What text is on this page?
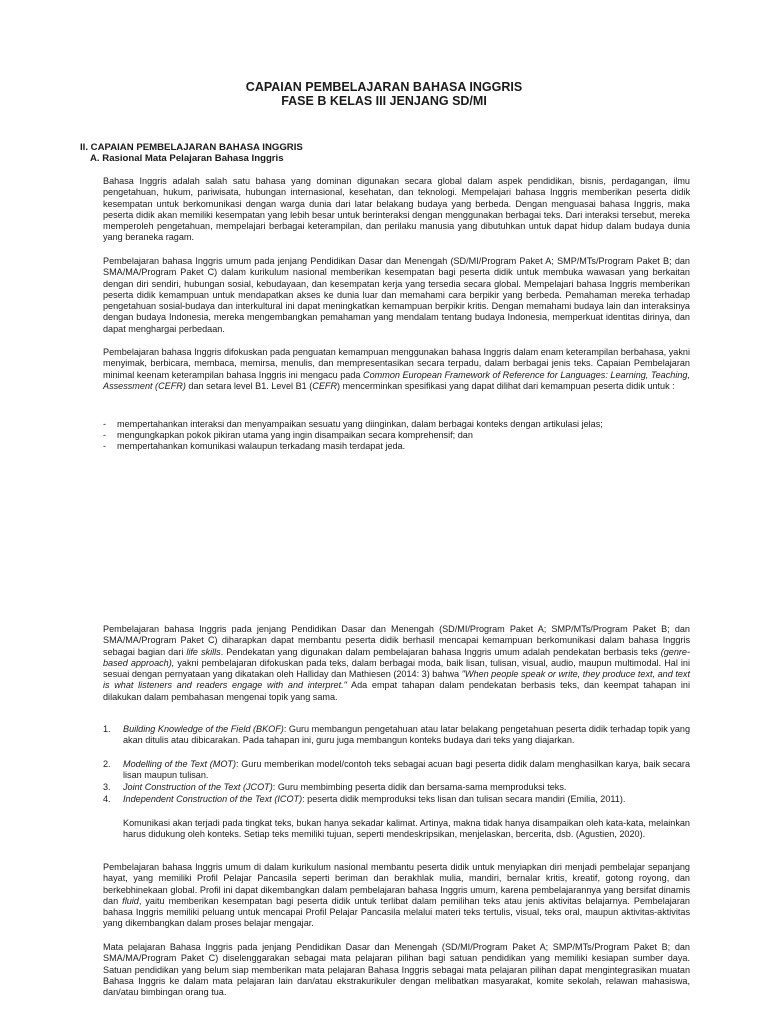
CAPAIAN PEMBELAJARAN BAHASA INGGRIS
FASE B KELAS III JENJANG SD/MI
II. CAPAIAN PEMBELAJARAN BAHASA INGGRIS
A. Rasional Mata Pelajaran Bahasa Inggris

Bahasa Inggris adalah salah satu bahasa yang dominan digunakan secara global dalam aspek pendidikan, bisnis, perdagangan, ilmu pengetahuan, hukum, pariwisata, hubungan internasional, kesehatan, dan teknologi. Mempelajari bahasa Inggris memberikan peserta didik kesempatan untuk berkomunikasi dengan warga dunia dari latar belakang budaya yang berbeda. Dengan menguasai bahasa Inggris, maka peserta didik akan memiliki kesempatan yang lebih besar untuk berinteraksi dengan menggunakan berbagai teks. Dari interaksi tersebut, mereka memperoleh pengetahuan, mempelajari berbagai keterampilan, dan perilaku manusia yang dibutuhkan untuk dapat hidup dalam budaya dunia yang beraneka ragam.

Pembelajaran bahasa Inggris umum pada jenjang Pendidikan Dasar dan Menengah (SD/MI/Program Paket A; SMP/MTs/Program Paket B; dan SMA/MA/Program Paket C) dalam kurikulum nasional memberikan kesempatan bagi peserta didik untuk membuka wawasan yang berkaitan dengan diri sendiri, hubungan sosial, kebudayaan, dan kesempatan kerja yang tersedia secara global. Mempelajari bahasa Inggris memberikan peserta didik kemampuan untuk mendapatkan akses ke dunia luar dan memahami cara berpikir yang berbeda. Pemahaman mereka terhadap pengetahuan sosial-budaya dan interkultural ini dapat meningkatkan kemampuan berpikir kritis. Dengan memahami budaya lain dan interaksinya dengan budaya Indonesia, mereka mengembangkan pemahaman yang mendalam tentang budaya Indonesia, memperkuat identitas dirinya, dan dapat menghargai perbedaan.

Pembelajaran bahasa Inggris difokuskan pada penguatan kemampuan menggunakan bahasa Inggris dalam enam keterampilan berbahasa, yakni menyimak, berbicara, membaca, memirsa, menulis, dan mempresentasikan secara terpadu, dalam berbagai jenis teks. Capaian Pembelajaran minimal keenam keterampilan bahasa Inggris ini mengacu pada Common European Framework of Reference for Languages: Learning, Teaching, Assessment (CEFR) dan setara level B1. Level B1 (CEFR) mencerminkan spesifikasi yang dapat dilihat dari kemampuan peserta didik untuk :

- mempertahankan interaksi dan menyampaikan sesuatu yang diinginkan, dalam berbagai konteks dengan artikulasi jelas;
- mengungkapkan pokok pikiran utama yang ingin disampaikan secara komprehensif; dan
- mempertahankan komunikasi walaupun terkadang masih terdapat jeda.

Pembelajaran bahasa Inggris pada jenjang Pendidikan Dasar dan Menengah (SD/MI/Program Paket A; SMP/MTs/Program Paket B; dan SMA/MA/Program Paket C) diharapkan dapat membantu peserta didik berhasil mencapai kemampuan berkomunikasi dalam bahasa Inggris sebagai bagian dari life skills. Pendekatan yang digunakan dalam pembelajaran bahasa Inggris umum adalah pendekatan berbasis teks (genre-based approach), yakni pembelajaran difokuskan pada teks, dalam berbagai moda, baik lisan, tulisan, visual, audio, maupun multimodal. Hal ini sesuai dengan pernyataan yang dikatakan oleh Halliday dan Mathiesen (2014: 3) bahwa "When people speak or write, they produce text, and text is what listeners and readers engage with and interpret." Ada empat tahapan dalam pendekatan berbasis teks, dan keempat tahapan ini dilakukan dalam pembahasan mengenai topik yang sama.

1. Building Knowledge of the Field (BKOF): Guru membangun pengetahuan atau latar belakang pengetahuan peserta didik terhadap topik yang akan ditulis atau dibicarakan. Pada tahapan ini, guru juga membangun konteks budaya dari teks yang diajarkan.
2. Modelling of the Text (MOT): Guru memberikan model/contoh teks sebagai acuan bagi peserta didik dalam menghasilkan karya, baik secara lisan maupun tulisan.
3. Joint Construction of the Text (JCOT): Guru membimbing peserta didik dan bersama-sama memproduksi teks.
4. Independent Construction of the Text (ICOT): peserta didik memproduksi teks lisan dan tulisan secara mandiri (Emilia, 2011).

Komunikasi akan terjadi pada tingkat teks, bukan hanya sekadar kalimat. Artinya, makna tidak hanya disampaikan oleh kata-kata, melainkan harus didukung oleh konteks. Setiap teks memiliki tujuan, seperti mendeskripsikan, menjelaskan, bercerita, dsb. (Agustien, 2020).

Pembelajaran bahasa Inggris umum di dalam kurikulum nasional membantu peserta didik untuk menyiapkan diri menjadi pembelajar sepanjang hayat, yang memiliki Profil Pelajar Pancasila seperti beriman dan berakhlak mulia, mandiri, bernalar kritis, kreatif, gotong royong, dan berkebhinekaan global. Profil ini dapat dikembangkan dalam pembelajaran bahasa Inggris umum, karena pembelajarannya yang bersifat dinamis dan fluid, yaitu memberikan kesempatan bagi peserta didik untuk terlibat dalam pemilihan teks atau jenis aktivitas belajarnya. Pembelajaran bahasa Inggris memiliki peluang untuk mencapai Profil Pelajar Pancasila melalui materi teks tertulis, visual, teks oral, maupun aktivitas-aktivitas yang dikembangkan dalam proses belajar mengajar.

Mata pelajaran Bahasa Inggris pada jenjang Pendidikan Dasar dan Menengah (SD/MI/Program Paket A; SMP/MTs/Program Paket B; dan SMA/MA/Program Paket C) diselenggarakan sebagai mata pelajaran pilihan bagi satuan pendidikan yang memiliki kesiapan sumber daya. Satuan pendidikan yang belum siap memberikan mata pelajaran Bahasa Inggris sebagai mata pelajaran pilihan dapat mengintegrasikan muatan Bahasa Inggris ke dalam mata pelajaran lain dan/atau ekstrakurikuler dengan melibatkan masyarakat, komite sekolah, relawan mahasiswa, dan/atau bimbingan orang tua.
